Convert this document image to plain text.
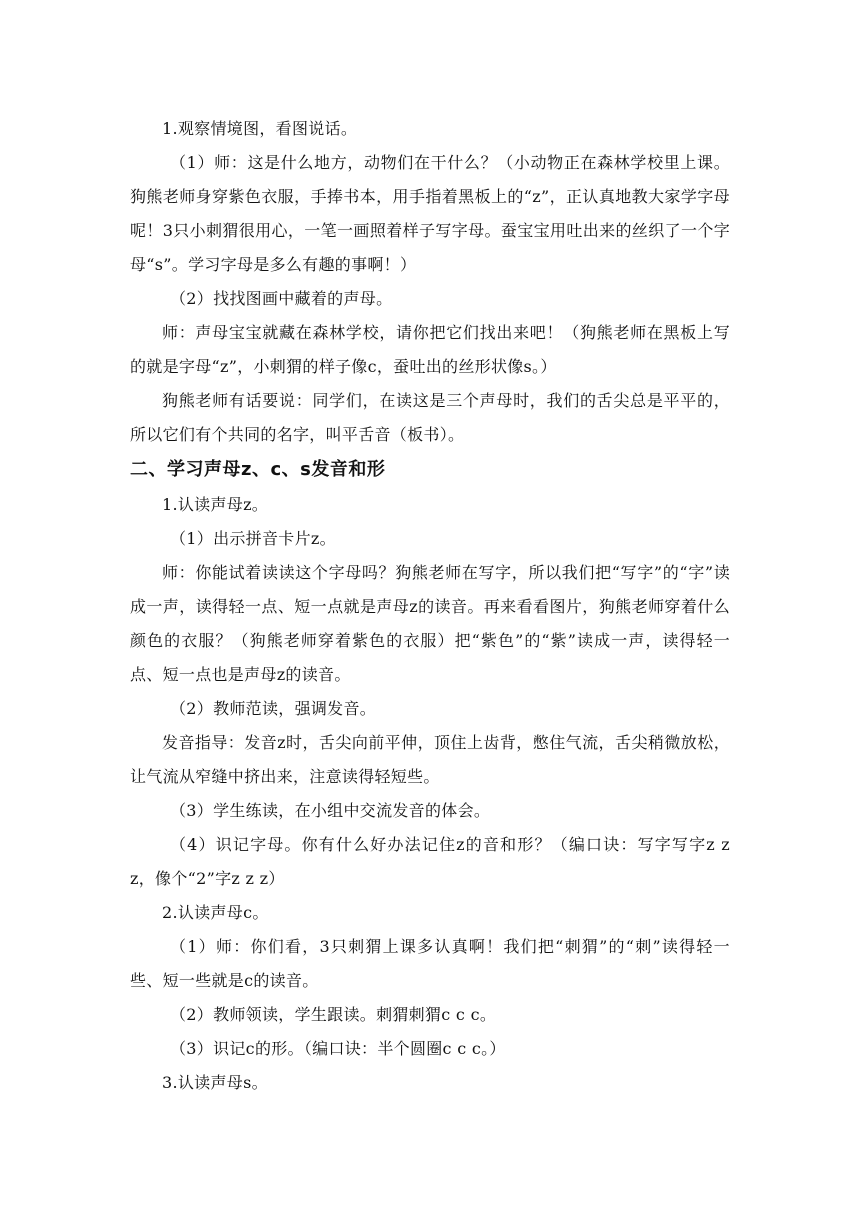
1.观察情境图，看图说话。

（1）师：这是什么地方，动物们在干什么？（小动物正在森林学校里上课。狗熊老师身穿紫色衣服，手捧书本，用手指着黑板上的“z”，正认真地教大家学字母呢！3只小刺猬很用心，一笔一画照着样子写字母。蚕宝宝用吐出来的丝织了一个字母“s”。学习字母是多么有趣的事啊！）

（2）找找图画中藏着的声母。

师：声母宝宝就藏在森林学校，请你把它们找出来吧！（狗熊老师在黑板上写的就是字母“z”，小刺猬的样子像c，蚕吐出的丝形状像s。）

狗熊老师有话要说：同学们，在读这是三个声母时，我们的舌尖总是平平的，所以它们有个共同的名字，叫平舌音（板书）。

二、学习声母z、c、s发音和形

1.认读声母z。

（1）出示拼音卡片z。

师：你能试着读读这个字母吗？狗熊老师在写字，所以我们把“写字”的“字”读成一声，读得轻一点、短一点就是声母z的读音。再来看看图片，狗熊老师穿着什么颜色的衣服？（狗熊老师穿着紫色的衣服）把“紫色”的“紫”读成一声，读得轻一点、短一点也是声母z的读音。

（2）教师范读，强调发音。

发音指导：发音z时，舌尖向前平伸，顶住上齿背，憋住气流，舌尖稍微放松，让气流从窄缝中挤出来，注意读得轻短些。

（3）学生练读，在小组中交流发音的体会。

（4）识记字母。你有什么好办法记住z的音和形？（编口诀：写字写字z z z，像个“2”字z z z）

2.认读声母c。

（1）师：你们看，3只刺猬上课多认真啊！我们把“刺猬”的“刺”读得轻一些、短一些就是c的读音。

（2）教师领读，学生跟读。刺猬刺猬c c c。

（3）识记c的形。（编口诀：半个圆圈c c c。）

3.认读声母s。
